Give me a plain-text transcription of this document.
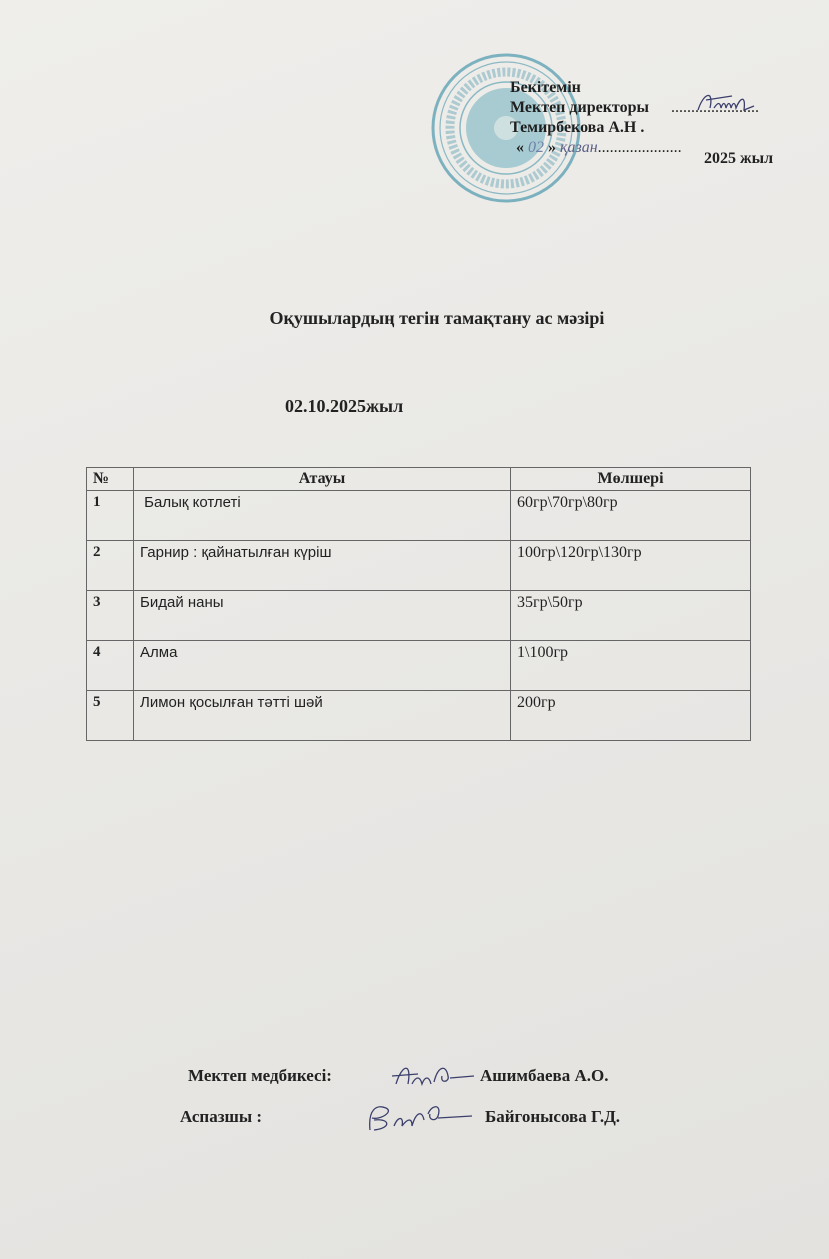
Бекітемін
Мектеп директоры ......................
Темирбекова А.Н .
« 02 » қазан.....................
2025 жыл
Оқушылардың тегін тамақтану ас мәзірі
02.10.2025жыл
№	Атауы	Мөлшері
1	Балық котлеті	60гр\70гр\80гр
2	Гарнир : қайнатылған күріш	100гр\120гр\130гр
3	Бидай наны	35гр\50гр
4	Алма	1\100гр
5	Лимон қосылған тәтті шәй	200гр
Мектеп медбикесі:	Ашимбаева А.О.
Аспазшы :	Байгонысова Г.Д.
